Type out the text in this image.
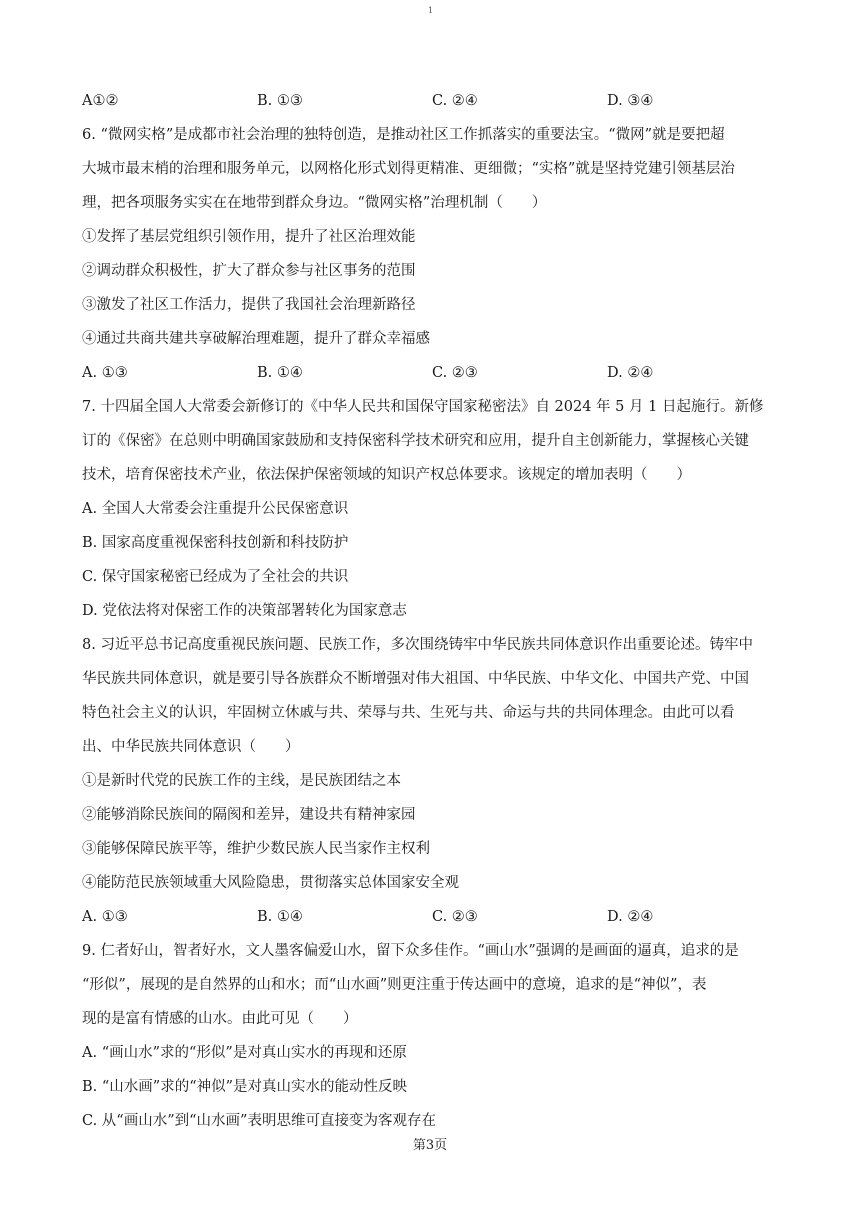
1
A①②	B. ①③	C. ②④	D. ③④
6. “微网实格”是成都市社会治理的独特创造，是推动社区工作抓落实的重要法宝。“微网”就是要把超
大城市最末梢的治理和服务单元，以网格化形式划得更精准、更细微；“实格”就是坚持党建引领基层治
理，把各项服务实实在在地带到群众身边。“微网实格”治理机制（　　）
①发挥了基层党组织引领作用，提升了社区治理效能
②调动群众积极性，扩大了群众参与社区事务的范围
③激发了社区工作活力，提供了我国社会治理新路径
④通过共商共建共享破解治理难题，提升了群众幸福感
A. ①③	B. ①④	C. ②③	D. ②④
7. 十四届全国人大常委会新修订的《中华人民共和国保守国家秘密法》自 2024 年 5 月 1 日起施行。新修
订的《保密》在总则中明确国家鼓励和支持保密科学技术研究和应用，提升自主创新能力，掌握核心关键
技术，培育保密技术产业，依法保护保密领域的知识产权总体要求。该规定的增加表明（　　）
A. 全国人大常委会注重提升公民保密意识
B. 国家高度重视保密科技创新和科技防护
C. 保守国家秘密已经成为了全社会的共识
D. 党依法将对保密工作的决策部署转化为国家意志
8. 习近平总书记高度重视民族问题、民族工作，多次围绕铸牢中华民族共同体意识作出重要论述。铸牢中
华民族共同体意识，就是要引导各族群众不断增强对伟大祖国、中华民族、中华文化、中国共产党、中国
特色社会主义的认识，牢固树立休戚与共、荣辱与共、生死与共、命运与共的共同体理念。由此可以看
出、中华民族共同体意识（　　）
①是新时代党的民族工作的主线，是民族团结之本
②能够消除民族间的隔阂和差异，建设共有精神家园
③能够保障民族平等，维护少数民族人民当家作主权利
④能防范民族领域重大风险隐患，贯彻落实总体国家安全观
A. ①③	B. ①④	C. ②③	D. ②④
9. 仁者好山，智者好水，文人墨客偏爱山水，留下众多佳作。“画山水”强调的是画面的逼真，追求的是
“形似”，展现的是自然界的山和水；而“山水画”则更注重于传达画中的意境，追求的是“神似”，表
现的是富有情感的山水。由此可见（　　）
A. “画山水”求的“形似”是对真山实水的再现和还原
B. “山水画”求的“神似”是对真山实水的能动性反映
C. 从“画山水”到“山水画”表明思维可直接变为客观存在
第3页
